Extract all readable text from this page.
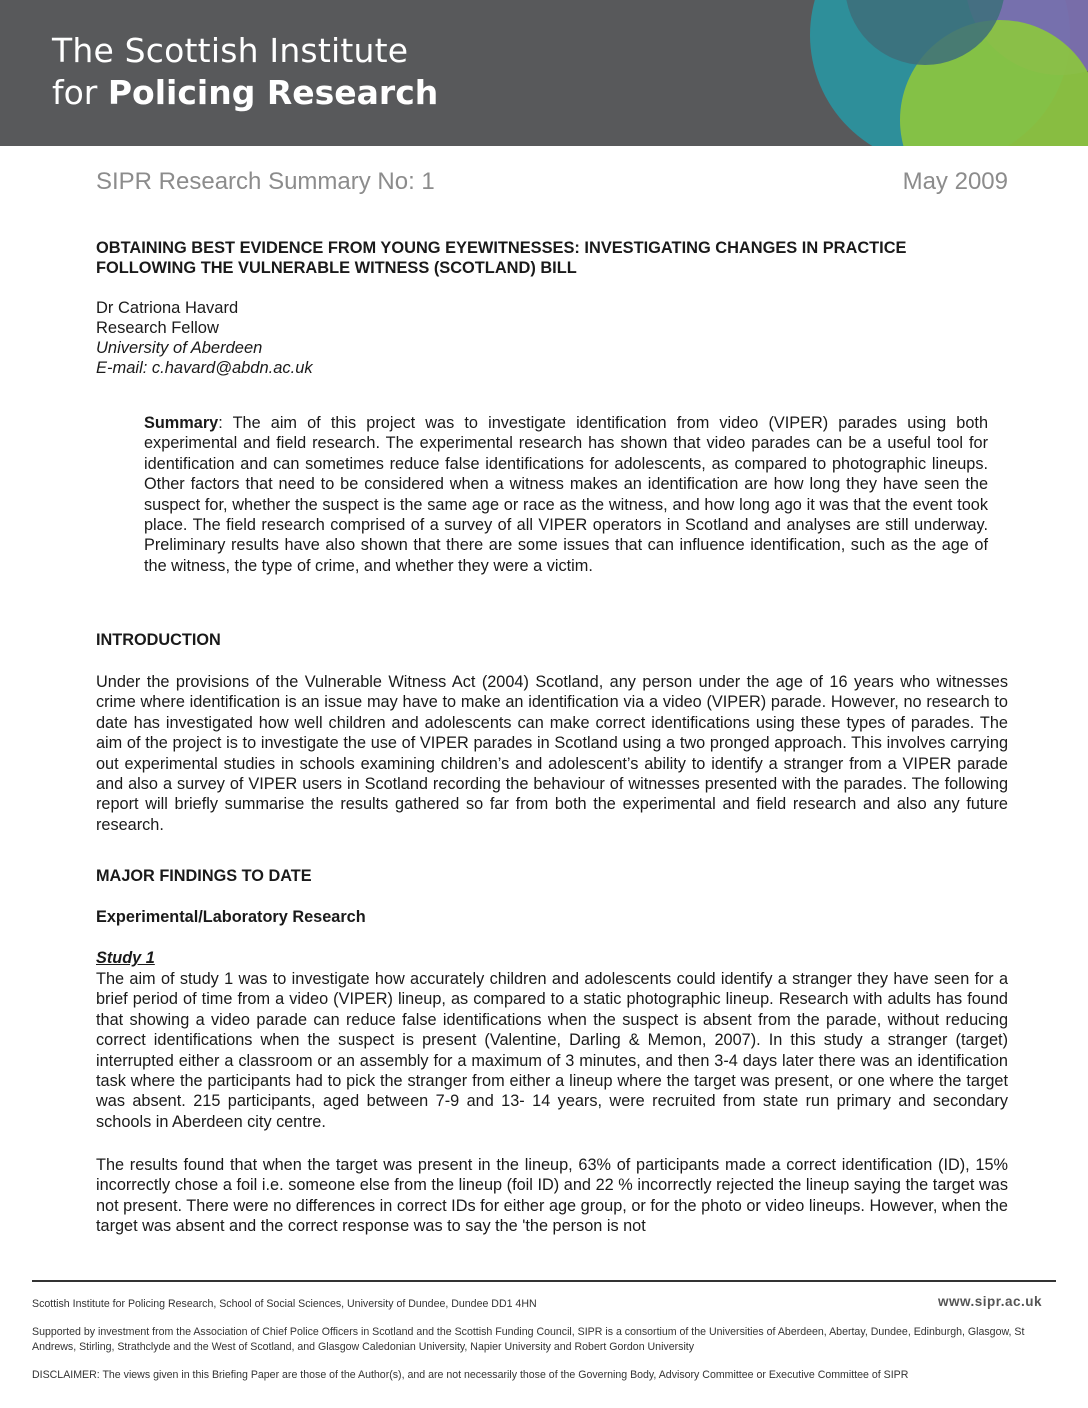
The Scottish Institute
for Policing Research
SIPR Research Summary No: 1	May 2009
OBTAINING BEST EVIDENCE FROM YOUNG EYEWITNESSES: INVESTIGATING CHANGES IN PRACTICE FOLLOWING THE VULNERABLE WITNESS (SCOTLAND) BILL
Dr Catriona Havard
Research Fellow
University of Aberdeen
E-mail: c.havard@abdn.ac.uk
Summary: The aim of this project was to investigate identification from video (VIPER) parades using both experimental and field research. The experimental research has shown that video parades can be a useful tool for identification and can sometimes reduce false identifications for adolescents, as compared to photographic lineups. Other factors that need to be considered when a witness makes an identification are how long they have seen the suspect for, whether the suspect is the same age or race as the witness, and how long ago it was that the event took place. The field research comprised of a survey of all VIPER operators in Scotland and analyses are still underway. Preliminary results have also shown that there are some issues that can influence identification, such as the age of the witness, the type of crime, and whether they were a victim.
INTRODUCTION
Under the provisions of the Vulnerable Witness Act (2004) Scotland, any person under the age of 16 years who witnesses crime where identification is an issue may have to make an identification via a video (VIPER) parade. However, no research to date has investigated how well children and adolescents can make correct identifications using these types of parades. The aim of the project is to investigate the use of VIPER parades in Scotland using a two pronged approach. This involves carrying out experimental studies in schools examining children’s and adolescent’s ability to identify a stranger from a VIPER parade and also a survey of VIPER users in Scotland recording the behaviour of witnesses presented with the parades. The following report will briefly summarise the results gathered so far from both the experimental and field research and also any future research.
MAJOR FINDINGS TO DATE
Experimental/Laboratory Research
Study 1
The aim of study 1 was to investigate how accurately children and adolescents could identify a stranger they have seen for a brief period of time from a video (VIPER) lineup, as compared to a static photographic lineup. Research with adults has found that showing a video parade can reduce false identifications when the suspect is absent from the parade, without reducing correct identifications when the suspect is present (Valentine, Darling & Memon, 2007). In this study a stranger (target) interrupted either a classroom or an assembly for a maximum of 3 minutes, and then 3-4 days later there was an identification task where the participants had to pick the stranger from either a lineup where the target was present, or one where the target was absent. 215 participants, aged between 7-9 and 13- 14 years, were recruited from state run primary and secondary schools in Aberdeen city centre.
The results found that when the target was present in the lineup, 63% of participants made a correct identification (ID), 15% incorrectly chose a foil i.e. someone else from the lineup (foil ID) and 22 % incorrectly rejected the lineup saying the target was not present. There were no differences in correct IDs for either age group, or for the photo or video lineups. However, when the target was absent and the correct response was to say the 'the person is not
Scottish Institute for Policing Research, School of Social Sciences, University of Dundee, Dundee DD1 4HN	www.sipr.ac.uk
Supported by investment from the Association of Chief Police Officers in Scotland and the Scottish Funding Council, SIPR is a consortium of the Universities of Aberdeen, Abertay, Dundee, Edinburgh, Glasgow, St Andrews, Stirling, Strathclyde and the West of Scotland, and Glasgow Caledonian University, Napier University and Robert Gordon University
DISCLAIMER: The views given in this Briefing Paper are those of the Author(s), and are not necessarily those of the Governing Body, Advisory Committee or Executive Committee of SIPR
